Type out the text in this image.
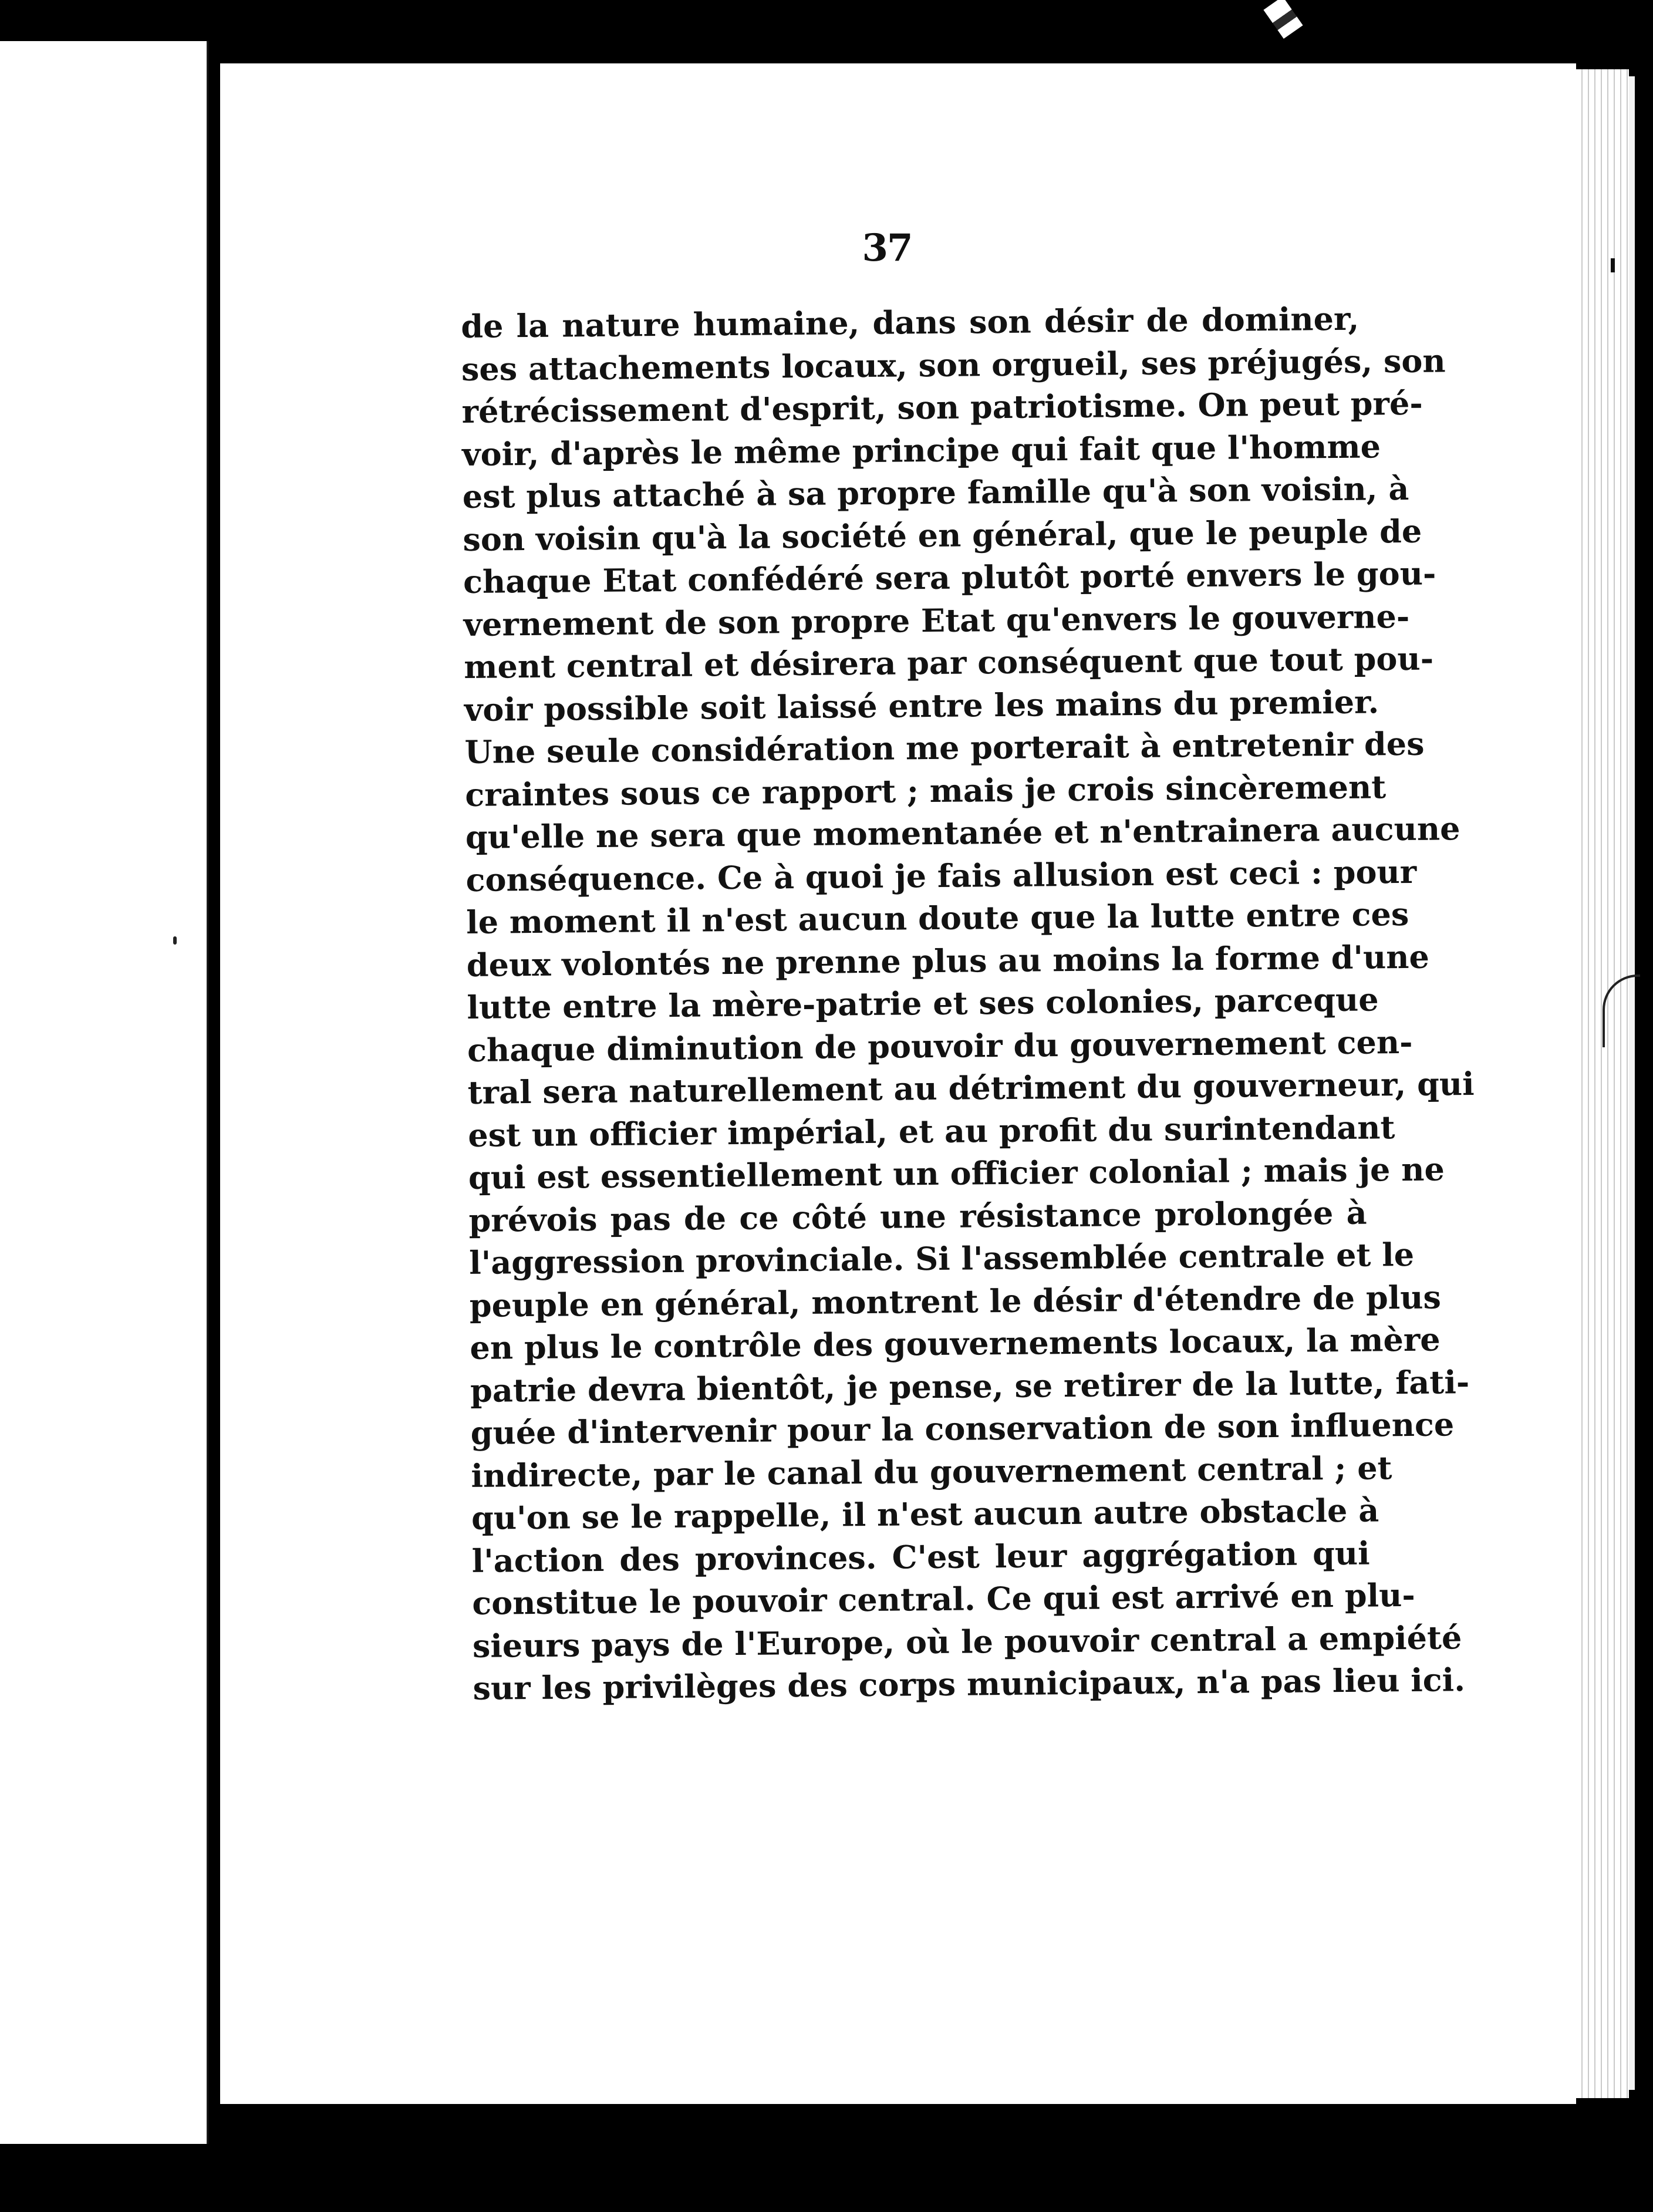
37
de la nature humaine, dans son désir de dominer,
ses attachements locaux, son orgueil, ses préjugés, son
rétrécissement d'esprit, son patriotisme. On peut pré-
voir, d'après le même principe qui fait que l'homme
est plus attaché à sa propre famille qu'à son voisin, à
son voisin qu'à la société en général, que le peuple de
chaque Etat confédéré sera plutôt porté envers le gou-
vernement de son propre Etat qu'envers le gouverne-
ment central et désirera par conséquent que tout pou-
voir possible soit laissé entre les mains du premier.
Une seule considération me porterait à entretenir des
craintes sous ce rapport ; mais je crois sincèrement
qu'elle ne sera que momentanée et n'entrainera aucune
conséquence. Ce à quoi je fais allusion est ceci : pour
le moment il n'est aucun doute que la lutte entre ces
deux volontés ne prenne plus au moins la forme d'une
lutte entre la mère-patrie et ses colonies, parceque
chaque diminution de pouvoir du gouvernement cen-
tral sera naturellement au détriment du gouverneur, qui
est un officier impérial, et au profit du surintendant
qui est essentiellement un officier colonial ; mais je ne
prévois pas de ce côté une résistance prolongée à
l'aggression provinciale. Si l'assemblée centrale et le
peuple en général, montrent le désir d'étendre de plus
en plus le contrôle des gouvernements locaux, la mère
patrie devra bientôt, je pense, se retirer de la lutte, fati-
guée d'intervenir pour la conservation de son influence
indirecte, par le canal du gouvernement central ; et
qu'on se le rappelle, il n'est aucun autre obstacle à
l'action des provinces. C'est leur aggrégation qui
constitue le pouvoir central. Ce qui est arrivé en plu-
sieurs pays de l'Europe, où le pouvoir central a empiété
sur les privilèges des corps municipaux, n'a pas lieu ici.
